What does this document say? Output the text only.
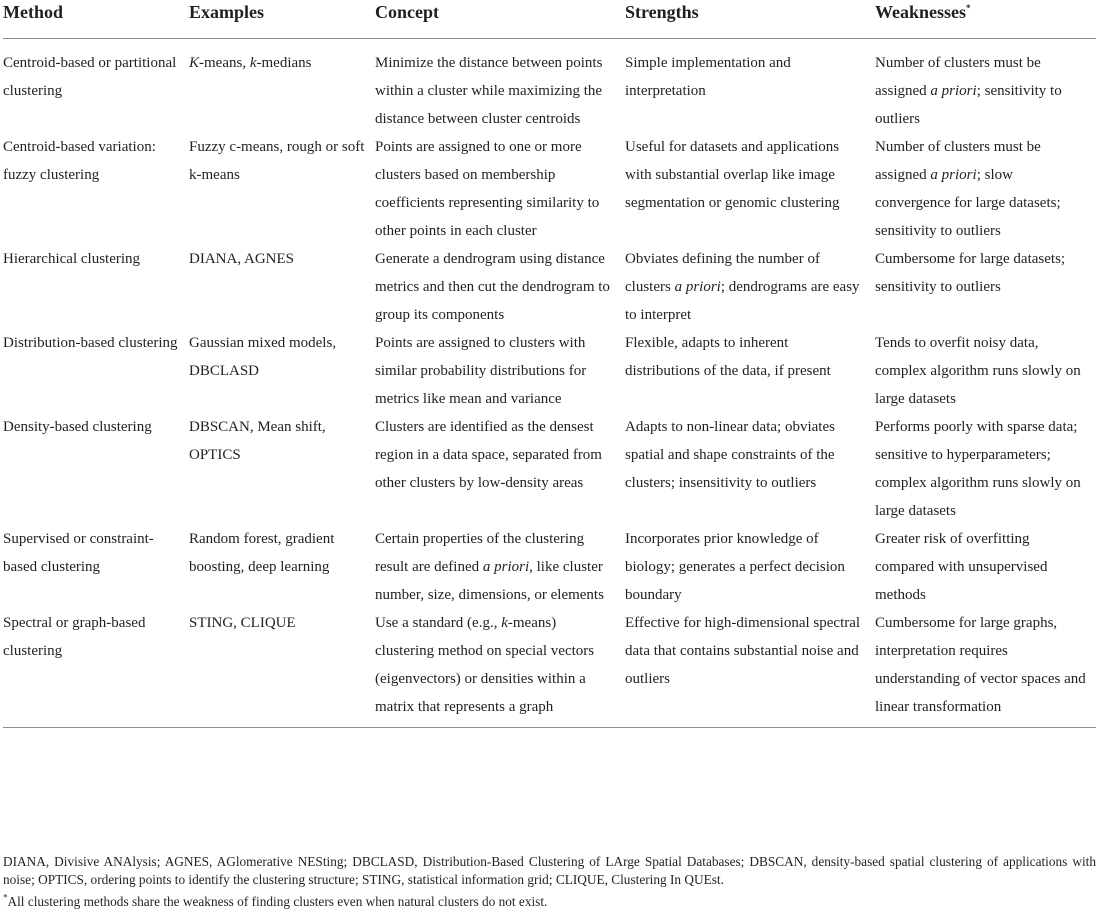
Method	Examples	Concept	Strengths	Weaknesses*
Centroid-based or partitional clustering	K-means, k-medians	Minimize the distance between points within a cluster while maximizing the distance between cluster centroids	Simple implementation and interpretation	Number of clusters must be assigned a priori; sensitivity to outliers
Centroid-based variation: fuzzy clustering	Fuzzy c-means, rough or soft k-means	Points are assigned to one or more clusters based on membership coefficients representing similarity to other points in each cluster	Useful for datasets and applications with substantial overlap like image segmentation or genomic clustering	Number of clusters must be assigned a priori; slow convergence for large datasets; sensitivity to outliers
Hierarchical clustering	DIANA, AGNES	Generate a dendrogram using distance metrics and then cut the dendrogram to group its components	Obviates defining the number of clusters a priori; dendrograms are easy to interpret	Cumbersome for large datasets; sensitivity to outliers
Distribution-based clustering	Gaussian mixed models, DBCLASD	Points are assigned to clusters with similar probability distributions for metrics like mean and variance	Flexible, adapts to inherent distributions of the data, if present	Tends to overfit noisy data, complex algorithm runs slowly on large datasets
Density-based clustering	DBSCAN, Mean shift, OPTICS	Clusters are identified as the densest region in a data space, separated from other clusters by low-density areas	Adapts to non-linear data; obviates spatial and shape constraints of the clusters; insensitivity to outliers	Performs poorly with sparse data; sensitive to hyperparameters; complex algorithm runs slowly on large datasets
Supervised or constraint-based clustering	Random forest, gradient boosting, deep learning	Certain properties of the clustering result are defined a priori, like cluster number, size, dimensions, or elements	Incorporates prior knowledge of biology; generates a perfect decision boundary	Greater risk of overfitting compared with unsupervised methods
Spectral or graph-based clustering	STING, CLIQUE	Use a standard (e.g., k-means) clustering method on special vectors (eigenvectors) or densities within a matrix that represents a graph	Effective for high-dimensional spectral data that contains substantial noise and outliers	Cumbersome for large graphs, interpretation requires understanding of vector spaces and linear transformation

DIANA, Divisive ANAlysis; AGNES, AGlomerative NESting; DBCLASD, Distribution-Based Clustering of LArge Spatial Databases; DBSCAN, density-based spatial clustering of applications with noise; OPTICS, ordering points to identify the clustering structure; STING, statistical information grid; CLIQUE, Clustering In QUEst.

*All clustering methods share the weakness of finding clusters even when natural clusters do not exist.
